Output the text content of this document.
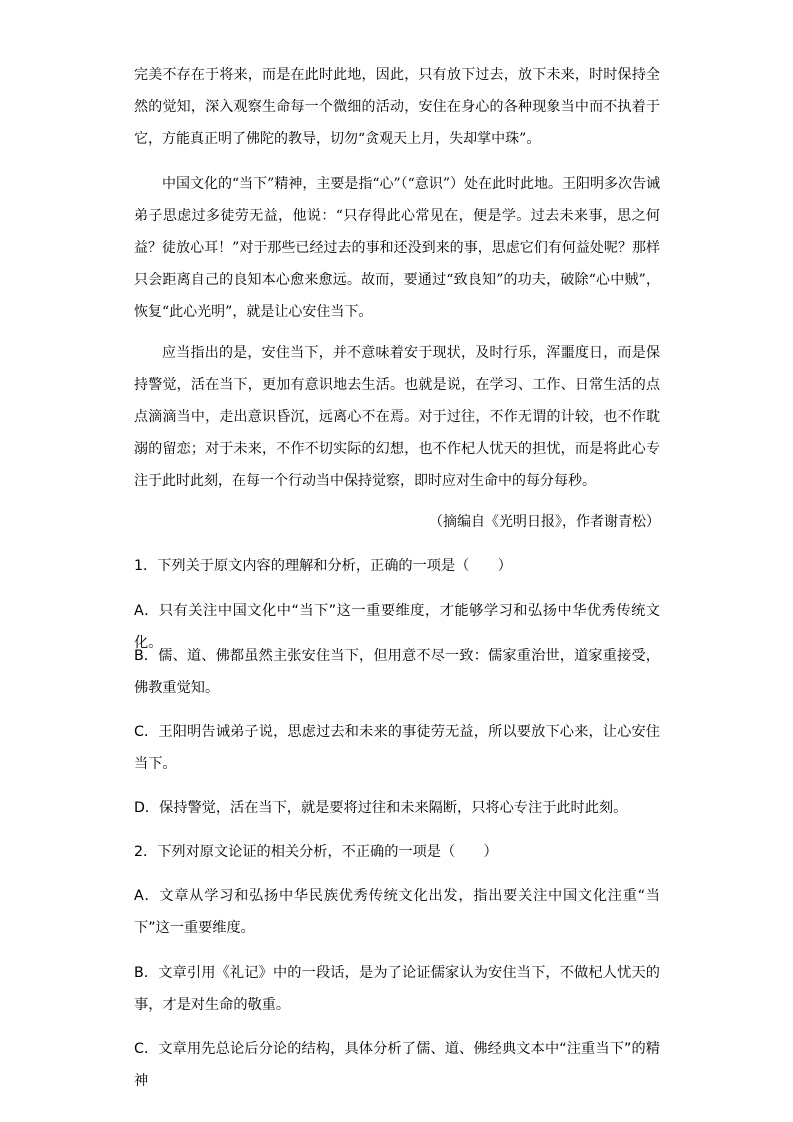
完美不存在于将来，而是在此时此地，因此，只有放下过去，放下未来，时时保持全然的觉知，深入观察生命每一个微细的活动，安住在身心的各种现象当中而不执着于它，方能真正明了佛陀的教导，切勿“贪观天上月，失却掌中珠”。

中国文化的“当下”精神，主要是指“心”（“意识”）处在此时此地。王阳明多次告诫弟子思虑过多徒劳无益，他说：“只存得此心常见在，便是学。过去未来事，思之何益？徒放心耳！”对于那些已经过去的事和还没到来的事，思虑它们有何益处呢？那样只会距离自己的良知本心愈来愈远。故而，要通过“致良知”的功夫，破除“心中贼”，恢复“此心光明”，就是让心安住当下。

应当指出的是，安住当下，并不意味着安于现状，及时行乐，浑噩度日，而是保持警觉，活在当下，更加有意识地去生活。也就是说，在学习、工作、日常生活的点点滴滴当中，走出意识昏沉，远离心不在焉。对于过往，不作无谓的计较，也不作耽溺的留恋；对于未来，不作不切实际的幻想，也不作杞人忧天的担忧，而是将此心专注于此时此刻，在每一个行动当中保持觉察，即时应对生命中的每分每秒。

（摘编自《光明日报》，作者谢青松）

1．下列关于原文内容的理解和分析，正确的一项是（　　）

A．只有关注中国文化中“当下”这一重要维度，才能够学习和弘扬中华优秀传统文化。

B．儒、道、佛都虽然主张安住当下，但用意不尽一致：儒家重治世，道家重接受，佛教重觉知。

C．王阳明告诫弟子说，思虑过去和未来的事徒劳无益，所以要放下心来，让心安住当下。

D．保持警觉，活在当下，就是要将过往和未来隔断，只将心专注于此时此刻。

2．下列对原文论证的相关分析，不正确的一项是（　　）

A．文章从学习和弘扬中华民族优秀传统文化出发，指出要关注中国文化注重“当下”这一重要维度。

B．文章引用《礼记》中的一段话，是为了论证儒家认为安住当下，不做杞人忧天的事，才是对生命的敬重。

C．文章用先总论后分论的结构，具体分析了儒、道、佛经典文本中“注重当下”的精神
